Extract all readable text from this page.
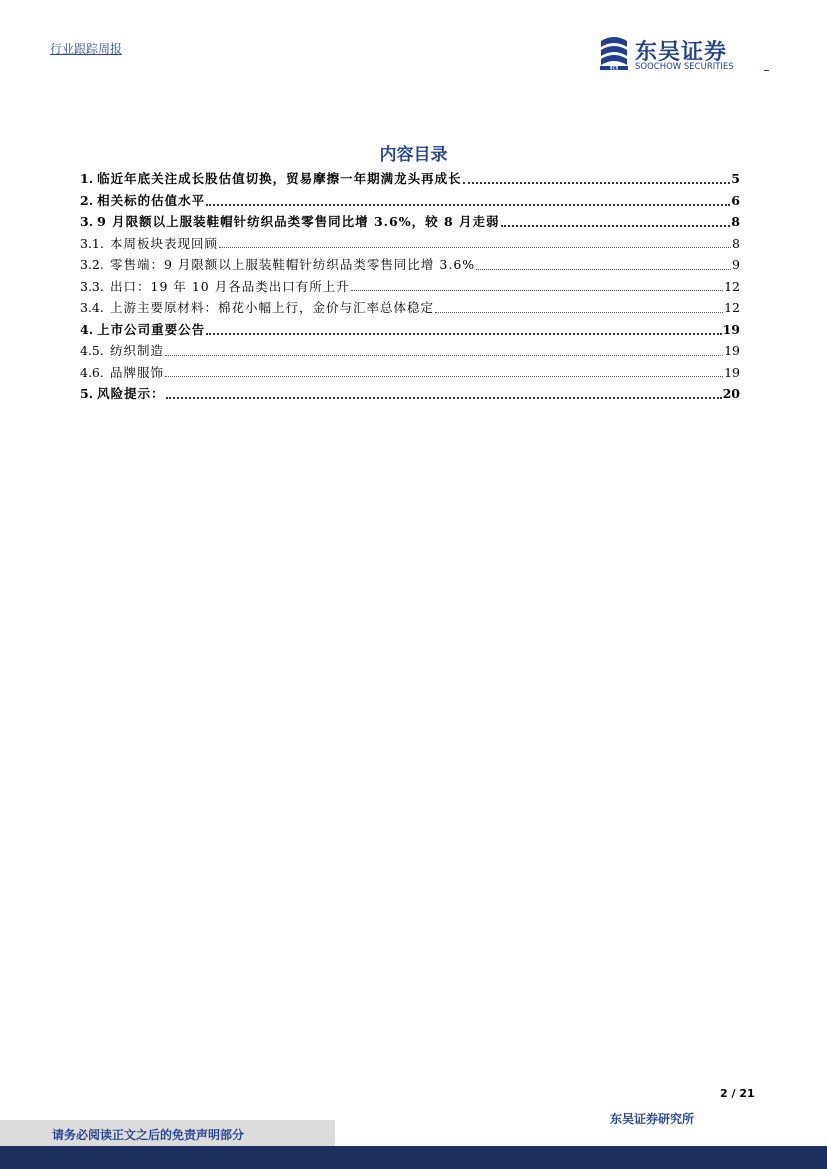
行业跟踪周报
SCS
东吴证券
SOOCHOW SECURITIES
内容目录
1. 临近年底关注成长股估值切换，贸易摩擦一年期满龙头再成长	5
2. 相关标的估值水平	6
3. 9 月限额以上服装鞋帽针纺织品类零售同比增 3.6%，较 8 月走弱	8
3.1. 本周板块表现回顾	8
3.2. 零售端：9 月限额以上服装鞋帽针纺织品类零售同比增 3.6%	9
3.3. 出口：19 年 10 月各品类出口有所上升	12
3.4. 上游主要原材料：棉花小幅上行，金价与汇率总体稳定	12
4. 上市公司重要公告	19
4.5. 纺织制造	19
4.6. 品牌服饰	19
5. 风险提示：	20
2 / 21
东吴证券研究所
请务必阅读正文之后的免责声明部分
